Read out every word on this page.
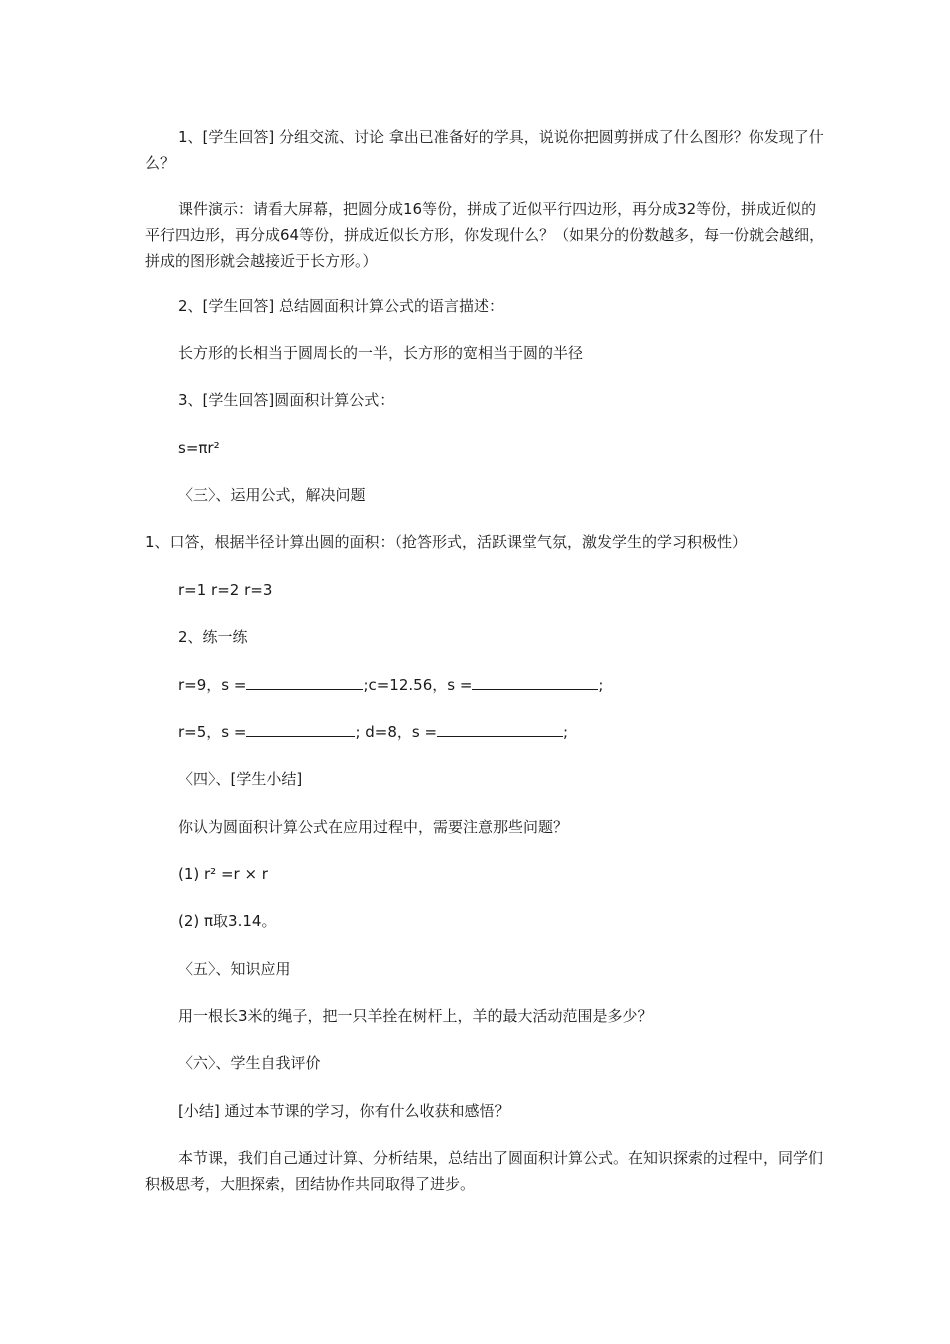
1、[学生回答] 分组交流、讨论 拿出已准备好的学具，说说你把圆剪拼成了什么图形？你发现了什么？

课件演示：请看大屏幕，把圆分成16等份，拼成了近似平行四边形，再分成32等份，拼成近似的平行四边形，再分成64等份，拼成近似长方形，你发现什么？（如果分的份数越多，每一份就会越细，拼成的图形就会越接近于长方形。）

2、[学生回答] 总结圆面积计算公式的语言描述：

长方形的长相当于圆周长的一半，长方形的宽相当于圆的半径

3、[学生回答]圆面积计算公式：

s=πr²

〈三〉、运用公式，解决问题

1、口答，根据半径计算出圆的面积：（抢答形式，活跃课堂气氛，激发学生的学习积极性）

r=1 r=2 r=3

2、练一练

r=9，s =	;c=12.56，s =	;

r=5，s =	; d=8，s =	;

〈四〉、[学生小结]

你认为圆面积计算公式在应用过程中，需要注意那些问题？

(1) r² =r × r

(2) π取3.14。

〈五〉、知识应用

用一根长3米的绳子，把一只羊拴在树杆上，羊的最大活动范围是多少？

〈六〉、学生自我评价

[小结] 通过本节课的学习，你有什么收获和感悟？

本节课，我们自己通过计算、分析结果，总结出了圆面积计算公式。在知识探索的过程中，同学们积极思考，大胆探索，团结协作共同取得了进步。
